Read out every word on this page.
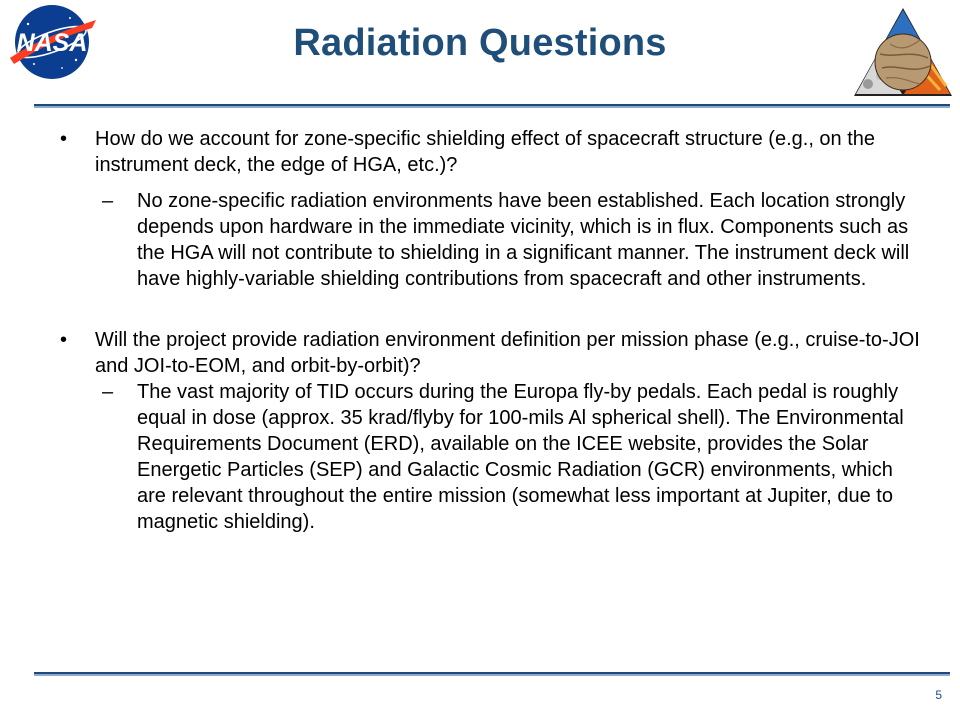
NASA	Radiation Questions
• How do we account for zone-specific shielding effect of spacecraft structure (e.g., on the instrument deck, the edge of HGA, etc.)?
– No zone-specific radiation environments have been established. Each location strongly depends upon hardware in the immediate vicinity, which is in flux. Components such as the HGA will not contribute to shielding in a significant manner. The instrument deck will have highly-variable shielding contributions from spacecraft and other instruments.
• Will the project provide radiation environment definition per mission phase (e.g., cruise-to-JOI and JOI-to-EOM, and orbit-by-orbit)?
– The vast majority of TID occurs during the Europa fly-by pedals. Each pedal is roughly equal in dose (approx. 35 krad/flyby for 100-mils Al spherical shell). The Environmental Requirements Document (ERD), available on the ICEE website, provides the Solar Energetic Particles (SEP) and Galactic Cosmic Radiation (GCR) environments, which are relevant throughout the entire mission (somewhat less important at Jupiter, due to magnetic shielding).
5
